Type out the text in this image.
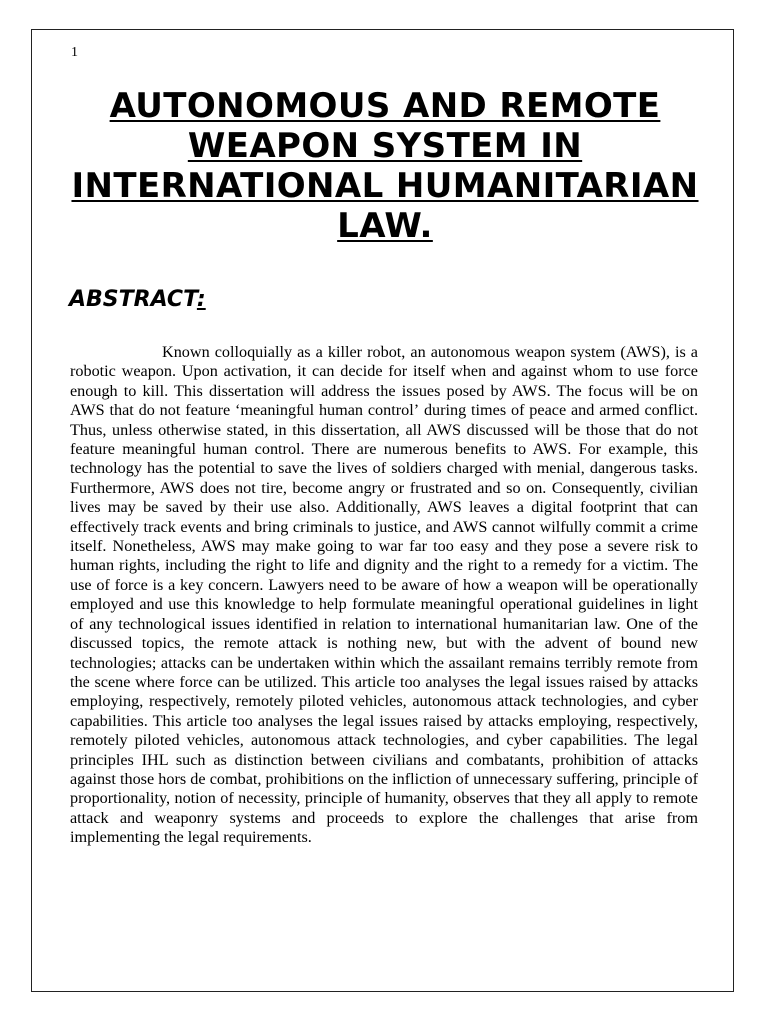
1
AUTONOMOUS AND REMOTE WEAPON SYSTEM IN INTERNATIONAL HUMANITARIAN LAW.
ABSTRACT:

Known colloquially as a killer robot, an autonomous weapon system (AWS), is a robotic weapon. Upon activation, it can decide for itself when and against whom to use force enough to kill. This dissertation will address the issues posed by AWS. The focus will be on AWS that do not feature ʻmeaningful human controlʼ during times of peace and armed conflict. Thus, unless otherwise stated, in this dissertation, all AWS discussed will be those that do not feature meaningful human control. There are numerous benefits to AWS. For example, this technology has the potential to save the lives of soldiers charged with menial, dangerous tasks. Furthermore, AWS does not tire, become angry or frustrated and so on. Consequently, civilian lives may be saved by their use also. Additionally, AWS leaves a digital footprint that can effectively track events and bring criminals to justice, and AWS cannot wilfully commit a crime itself. Nonetheless, AWS may make going to war far too easy and they pose a severe risk to human rights, including the right to life and dignity and the right to a remedy for a victim. The use of force is a key concern. Lawyers need to be aware of how a weapon will be operationally employed and use this knowledge to help formulate meaningful operational guidelines in light of any technological issues identified in relation to international humanitarian law. One of the discussed topics, the remote attack is nothing new, but with the advent of bound new technologies; attacks can be undertaken within which the assailant remains terribly remote from the scene where force can be utilized. This article too analyses the legal issues raised by attacks employing, respectively, remotely piloted vehicles, autonomous attack technologies, and cyber capabilities. This article too analyses the legal issues raised by attacks employing, respectively, remotely piloted vehicles, autonomous attack technologies, and cyber capabilities. The legal principles IHL such as distinction between civilians and combatants, prohibition of attacks against those hors de combat, prohibitions on the infliction of unnecessary suffering, principle of proportionality, notion of necessity, principle of humanity, observes that they all apply to remote attack and weaponry systems and proceeds to explore the challenges that arise from implementing the legal requirements.
